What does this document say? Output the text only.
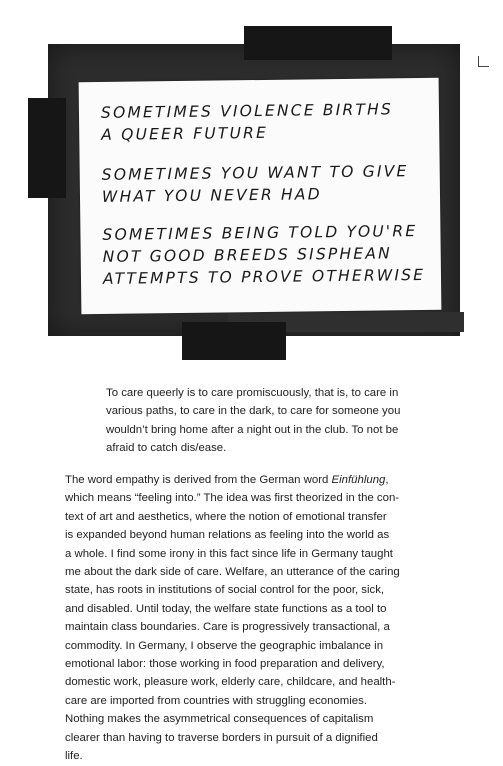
SOMETIMES VIOLENCE BIRTHS
A QUEER FUTURE
SOMETIMES YOU WANT TO GIVE
WHAT YOU NEVER HAD
SOMETIMES BEING TOLD YOU'RE
NOT GOOD BREEDS SISPHEAN
ATTEMPTS TO PROVE OTHERWISE
To care queerly is to care promiscuously, that is, to care in
various paths, to care in the dark, to care for someone you
wouldn’t bring home after a night out in the club. To not be
afraid to catch dis/ease.
The word empathy is derived from the German word Einfühlung,
which means “feeling into.” The idea was first theorized in the con-
text of art and aesthetics, where the notion of emotional transfer
is expanded beyond human relations as feeling into the world as
a whole. I find some irony in this fact since life in Germany taught
me about the dark side of care. Welfare, an utterance of the caring
state, has roots in institutions of social control for the poor, sick,
and disabled. Until today, the welfare state functions as a tool to
maintain class boundaries. Care is progressively transactional, a
commodity. In Germany, I observe the geographic imbalance in
emotional labor: those working in food preparation and delivery,
domestic work, pleasure work, elderly care, childcare, and health-
care are imported from countries with struggling economies.
Nothing makes the asymmetrical consequences of capitalism
clearer than having to traverse borders in pursuit of a dignified
life.
